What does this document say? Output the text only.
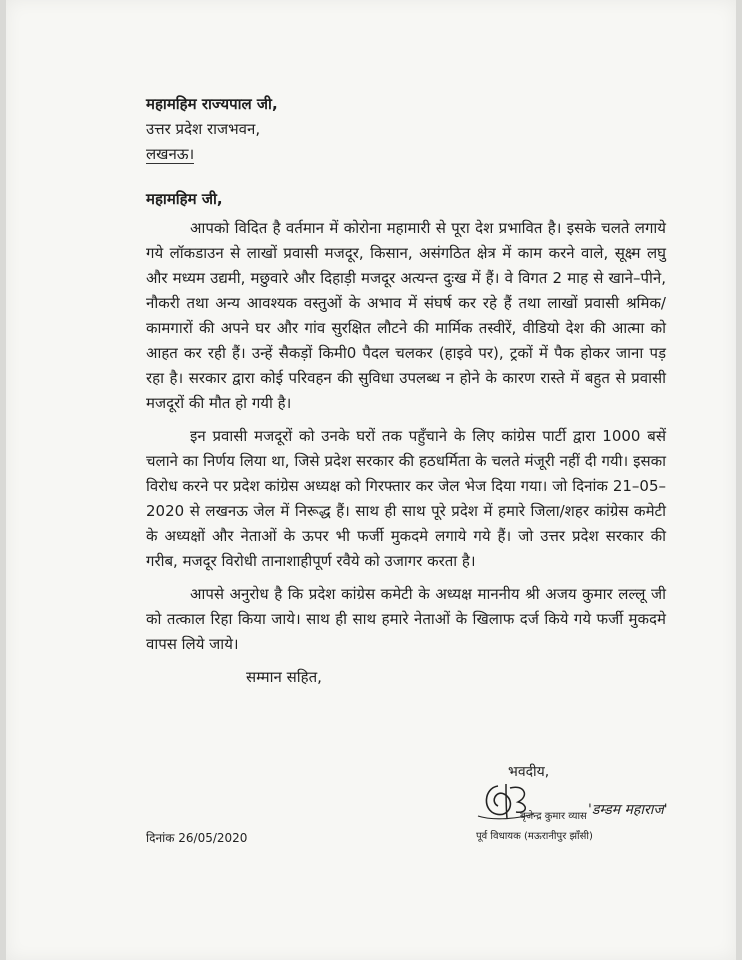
महामहिम राज्यपाल जी,
उत्तर प्रदेश राजभवन,
लखनऊ।
महामहिम जी,

आपको विदित है वर्तमान में कोरोना महामारी से पूरा देश प्रभावित है। इसके चलते लगाये गये लॉकडाउन से लाखों प्रवासी मजदूर, किसान, असंगठित क्षेत्र में काम करने वाले, सूक्ष्म लघु और मध्यम उद्यमी, मछुवारे और दिहाड़ी मजदूर अत्यन्त दुःख में हैं। वे विगत 2 माह से खाने–पीने, नौकरी तथा अन्य आवश्यक वस्तुओं के अभाव में संघर्ष कर रहे हैं तथा लाखों प्रवासी श्रमिक/कामगारों की अपने घर और गांव सुरक्षित लौटने की मार्मिक तस्वीरें, वीडियो देश की आत्मा को आहत कर रही हैं। उन्हें सैकड़ों किमी0 पैदल चलकर (हाइवे पर), ट्रकों में पैक होकर जाना पड़ रहा है। सरकार द्वारा कोई परिवहन की सुविधा उपलब्ध न होने के कारण रास्ते में बहुत से प्रवासी मजदूरों की मौत हो गयी है।

इन प्रवासी मजदूरों को उनके घरों तक पहुँचाने के लिए कांग्रेस पार्टी द्वारा 1000 बसें चलाने का निर्णय लिया था, जिसे प्रदेश सरकार की हठधर्मिता के चलते मंजूरी नहीं दी गयी। इसका विरोध करने पर प्रदेश कांग्रेस अध्यक्ष को गिरफ्तार कर जेल भेज दिया गया। जो दिनांक 21–05–2020 से लखनऊ जेल में निरूद्ध हैं। साथ ही साथ पूरे प्रदेश में हमारे जिला/शहर कांग्रेस कमेटी के अध्यक्षों और नेताओं के ऊपर भी फर्जी मुकदमे लगाये गये हैं। जो उत्तर प्रदेश सरकार की गरीब, मजदूर विरोधी तानाशाहीपूर्ण रवैये को उजागर करता है।

आपसे अनुरोध है कि प्रदेश कांग्रेस कमेटी के अध्यक्ष माननीय श्री अजय कुमार लल्लू जी को तत्काल रिहा किया जाये। साथ ही साथ हमारे नेताओं के खिलाफ दर्ज किये गये फर्जी मुकदमे वापस लिये जाये।

सम्मान सहित,
भवदीय,
बृजेन्द्र कुमार व्यास 'डम्डम महाराज'
पूर्व विधायक (मऊरानीपुर झाँसी)
दिनांक 26/05/2020
